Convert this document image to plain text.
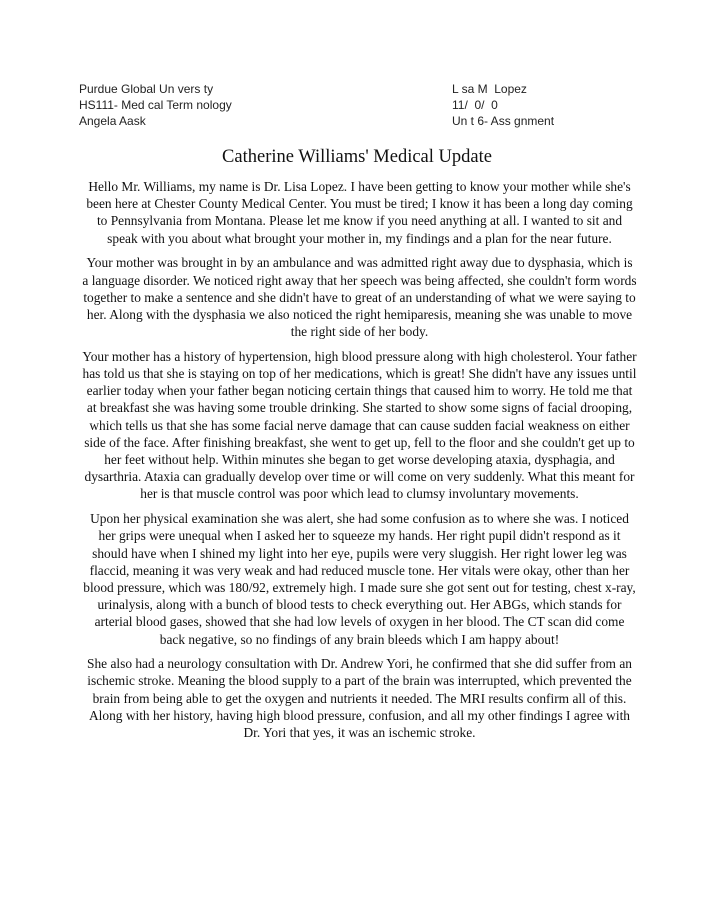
Purdue Global Un vers ty
HS111- Med cal Term nology
Angela Aask
L sa M  Lopez
11/  0/  0
Un t 6- Ass gnment
Catherine Williams' Medical Update

Hello Mr. Williams, my name is Dr. Lisa Lopez. I have been getting to know your mother while she's been here at Chester County Medical Center. You must be tired; I know it has been a long day coming to Pennsylvania from Montana. Please let me know if you need anything at all. I wanted to sit and speak with you about what brought your mother in, my findings and a plan for the near future.

Your mother was brought in by an ambulance and was admitted right away due to dysphasia, which is a language disorder. We noticed right away that her speech was being affected, she couldn't form words together to make a sentence and she didn't have to great of an understanding of what we were saying to her. Along with the dysphasia we also noticed the right hemiparesis, meaning she was unable to move the right side of her body.

Your mother has a history of hypertension, high blood pressure along with high cholesterol. Your father has told us that she is staying on top of her medications, which is great! She didn't have any issues until earlier today when your father began noticing certain things that caused him to worry. He told me that at breakfast she was having some trouble drinking. She started to show some signs of facial drooping, which tells us that she has some facial nerve damage that can cause sudden facial weakness on either side of the face. After finishing breakfast, she went to get up, fell to the floor and she couldn't get up to her feet without help. Within minutes she began to get worse developing ataxia, dysphagia, and dysarthria. Ataxia can gradually develop over time or will come on very suddenly. What this meant for her is that muscle control was poor which lead to clumsy involuntary movements.

Upon her physical examination she was alert, she had some confusion as to where she was. I noticed her grips were unequal when I asked her to squeeze my hands. Her right pupil didn't respond as it should have when I shined my light into her eye, pupils were very sluggish. Her right lower leg was flaccid, meaning it was very weak and had reduced muscle tone. Her vitals were okay, other than her blood pressure, which was 180/92, extremely high. I made sure she got sent out for testing, chest x-ray, urinalysis, along with a bunch of blood tests to check everything out. Her ABGs, which stands for arterial blood gases, showed that she had low levels of oxygen in her blood. The CT scan did come back negative, so no findings of any brain bleeds which I am happy about!

She also had a neurology consultation with Dr. Andrew Yori, he confirmed that she did suffer from an ischemic stroke. Meaning the blood supply to a part of the brain was interrupted, which prevented the brain from being able to get the oxygen and nutrients it needed. The MRI results confirm all of this. Along with her history, having high blood pressure, confusion, and all my other findings I agree with Dr. Yori that yes, it was an ischemic stroke.
